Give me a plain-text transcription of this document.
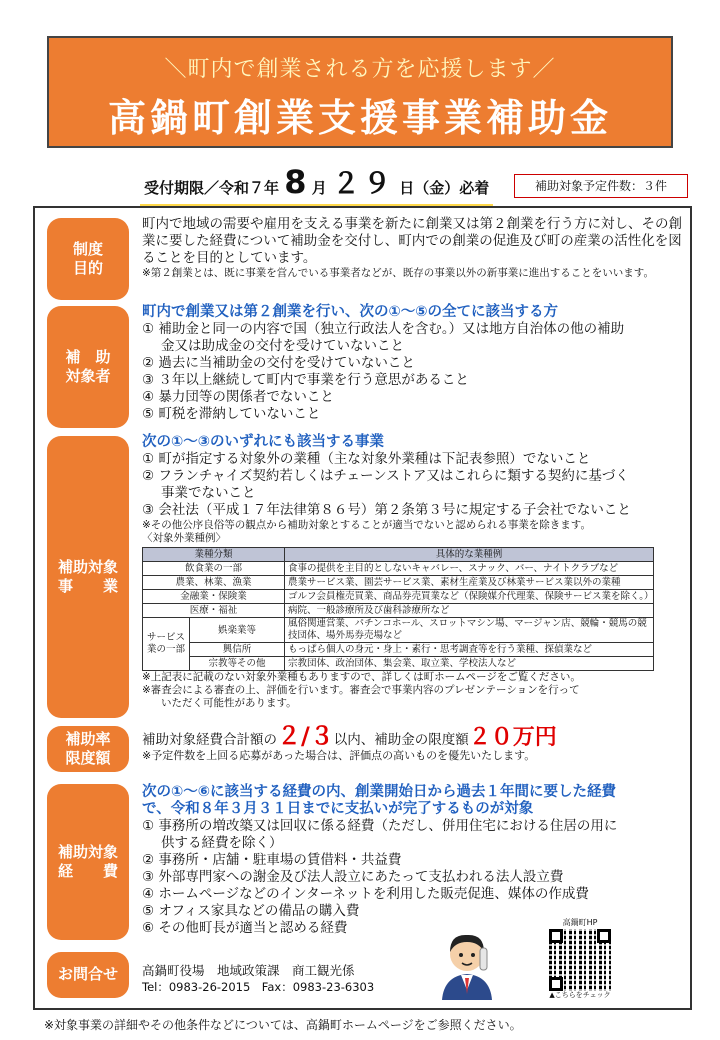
＼町内で創業される方を応援します／
高鍋町創業支援事業補助金
受付期限／令和７年 8 月 ２９ 日（金）必着	補助対象予定件数：３件
制度
目的
町内で地域の需要や雇用を支える事業を新たに創業又は第２創業を行う方に対し、その創業に要した経費について補助金を交付し、町内での創業の促進及び町の産業の活性化を図ることを目的としています。
※第２創業とは、既に事業を営んでいる事業者などが、既存の事業以外の新事業に進出することをいいます。
補　助
対象者
町内で創業又は第２創業を行い、次の①～⑤の全てに該当する方
① 補助金と同一の内容で国（独立行政法人を含む。）又は地方自治体の他の補助
金又は助成金の交付を受けていないこと
② 過去に当補助金の交付を受けていないこと
③ ３年以上継続して町内で事業を行う意思があること
④ 暴力団等の関係者でないこと
⑤ 町税を滞納していないこと
補助対象
事　　業
次の①～③のいずれにも該当する事業
① 町が指定する対象外の業種（主な対象外業種は下記表参照）でないこと
② フランチャイズ契約若しくはチェーンストア又はこれらに類する契約に基づく
事業でないこと
③ 会社法（平成１７年法律第８６号）第２条第３号に規定する子会社でないこと
※その他公序良俗等の観点から補助対象とすることが適当でないと認められる事業を除きます。
〈対象外業種例〉
業種分類		具体的な業種例
飲食業の一部		食事の提供を主目的としないキャバレー、スナック、バー、ナイトクラブなど
農業、林業、漁業		農業サービス業、園芸サービス業、素材生産業及び林業サービス業以外の業種
金融業・保険業		ゴルフ会員権売買業、商品券売買業など（保険媒介代理業、保険サービス業を除く。）
医療・福祉		病院、一般診療所及び歯科診療所など
サービス業の一部	娯楽業等	風俗関連営業、パチンコホール、スロットマシン場、マージャン店、競輪・競馬の競技団体、場外馬券売場など
	興信所	もっぱら個人の身元・身上・素行・思考調査等を行う業種、探偵業など
	宗教等その他	宗教団体、政治団体、集会業、取立業、学校法人など
※上記表に記載のない対象外業種もありますので、詳しくは町ホームページをご覧ください。
※審査会による審査の上、評価を行います。審査会で事業内容のプレゼンテーションを行って
いただく可能性があります。
補助率
限度額
補助対象経費合計額の２/３以内、補助金の限度額２０万円
※予定件数を上回る応募があった場合は、評価点の高いものを優先いたします。
補助対象
経　　費
次の①～⑥に該当する経費の内、創業開始日から過去１年間に要した経費
で、令和８年３月３１日までに支払いが完了するものが対象
① 事務所の増改築又は回収に係る経費（ただし、併用住宅における住居の用に
供する経費を除く）
② 事務所・店舗・駐車場の賃借料・共益費
③ 外部専門家への謝金及び法人設立にあたって支払われる法人設立費
④ ホームページなどのインターネットを利用した販売促進、媒体の作成費
⑤ オフィス家具などの備品の購入費
⑥ その他町長が適当と認める経費
お問合せ	高鍋町役場　地域政策課　商工観光係
Tel：0983-26-2015　Fax：0983-23-6303
高鍋町HP
▲こちらをチェック
※対象事業の詳細やその他条件などについては、高鍋町ホームページをご参照ください。
